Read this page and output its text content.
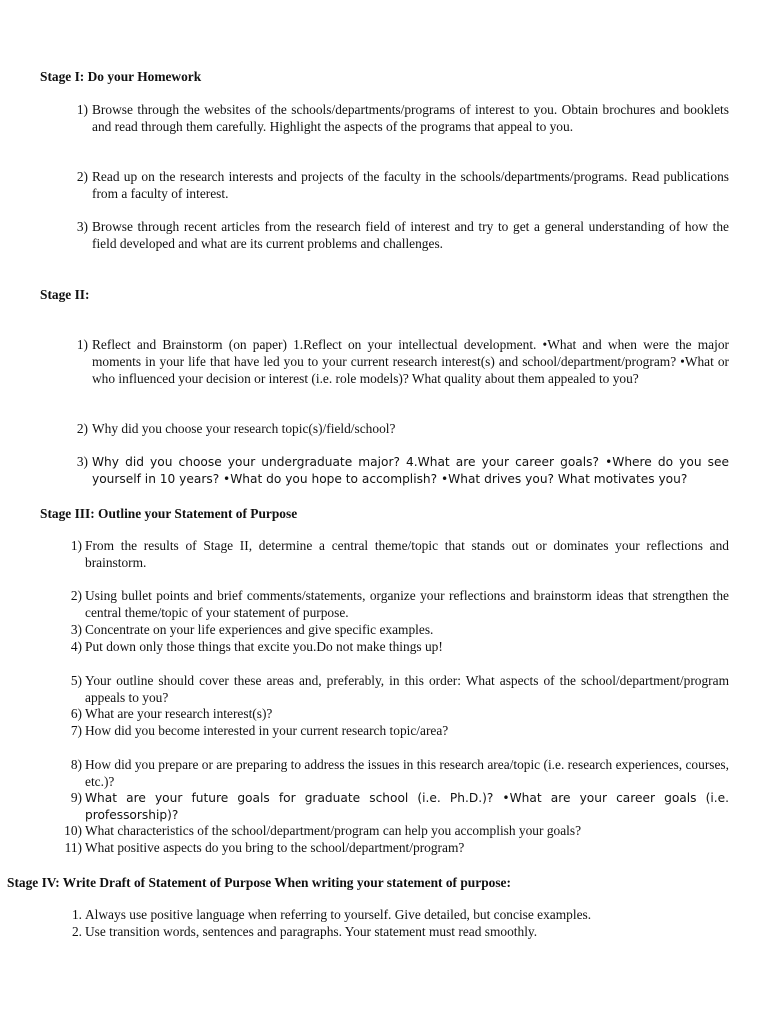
Stage I: Do your Homework
1) Browse through the websites of the schools/departments/programs of interest to you. Obtain brochures and booklets and read through them carefully. Highlight the aspects of the programs that appeal to you.
2) Read up on the research interests and projects of the faculty in the schools/departments/programs. Read publications from a faculty of interest.
3) Browse through recent articles from the research field of interest and try to get a general understanding of how the field developed and what are its current problems and challenges.
Stage II:
1) Reflect and Brainstorm (on paper) 1.Reflect on your intellectual development. •What and when were the major moments in your life that have led you to your current research interest(s) and school/department/program? •What or who influenced your decision or interest (i.e. role models)? What quality about them appealed to you?
2) Why did you choose your research topic(s)/field/school?
3) Why did you choose your undergraduate major? 4.What are your career goals? •Where do you see yourself in 10 years? •What do you hope to accomplish? •What drives you? What motivates you?
Stage III: Outline your Statement of Purpose
1) From the results of Stage II, determine a central theme/topic that stands out or dominates your reflections and brainstorm.
2) Using bullet points and brief comments/statements, organize your reflections and brainstorm ideas that strengthen the central theme/topic of your statement of purpose.
3) Concentrate on your life experiences and give specific examples.
4) Put down only those things that excite you.Do not make things up!
5) Your outline should cover these areas and, preferably, in this order: What aspects of the school/department/program appeals to you?
6) What are your research interest(s)?
7) How did you become interested in your current research topic/area?
8) How did you prepare or are preparing to address the issues in this research area/topic (i.e. research experiences, courses, etc.)?
9) What are your future goals for graduate school (i.e. Ph.D.)? •What are your career goals (i.e. professorship)?
10) What characteristics of the school/department/program can help you accomplish your goals?
11) What positive aspects do you bring to the school/department/program?
Stage IV: Write Draft of Statement of Purpose When writing your statement of purpose:
1. Always use positive language when referring to yourself. Give detailed, but concise examples.
2. Use transition words, sentences and paragraphs. Your statement must read smoothly.
